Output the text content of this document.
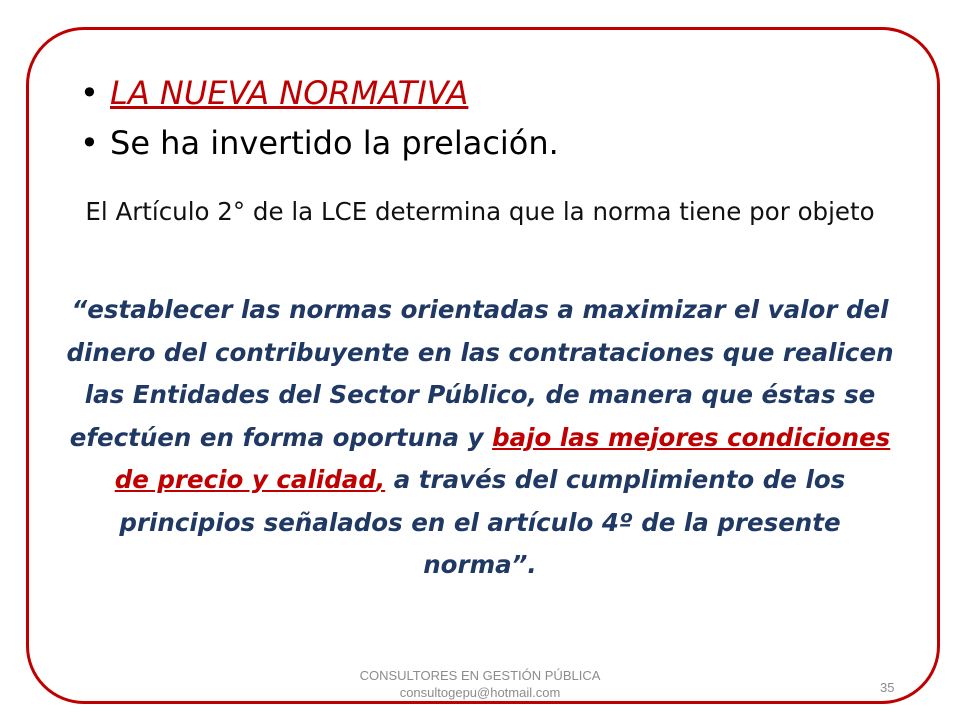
• LA NUEVA NORMATIVA
• Se ha invertido la prelación.
El Artículo 2° de la LCE determina que la norma tiene por objeto
“establecer las normas orientadas a maximizar el valor del dinero del contribuyente en las contrataciones que realicen las Entidades del Sector Público, de manera que éstas se efectúen en forma oportuna y bajo las mejores condiciones de precio y calidad, a través del cumplimiento de los principios señalados en el artículo 4º de la presente norma”.
CONSULTORES EN GESTIÓN PÚBLICA
consultogepu@hotmail.com	35
